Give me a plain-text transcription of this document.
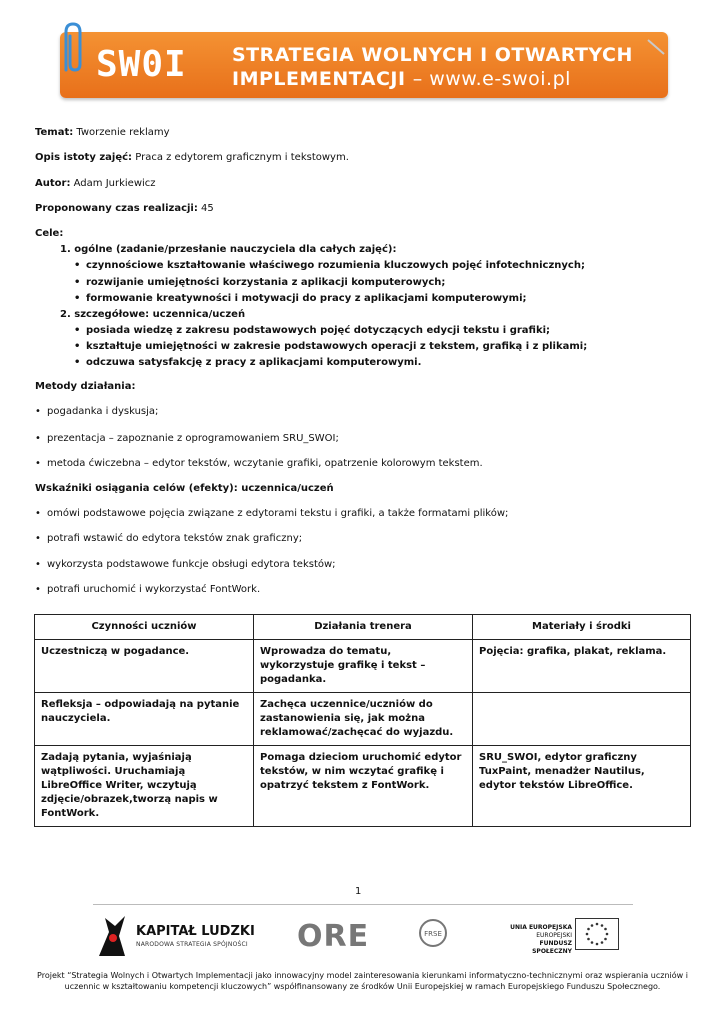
SW0I STRATEGIA WOLNYCH I OTWARTYCH
IMPLEMENTACJI – www.e-swoi.pl
Temat: Tworzenie reklamy
Opis istoty zajęć: Praca z edytorem graficznym i tekstowym.
Autor: Adam Jurkiewicz
Proponowany czas realizacji: 45
Cele:
1. ogólne (zadanie/przesłanie nauczyciela dla całych zajęć):
• czynnościowe kształtowanie właściwego rozumienia kluczowych pojęć infotechnicznych;
• rozwijanie umiejętności korzystania z aplikacji komputerowych;
• formowanie kreatywności i motywacji do pracy z aplikacjami komputerowymi;
2. szczegółowe: uczennica/uczeń
• posiada wiedzę z zakresu podstawowych pojęć dotyczących edycji tekstu i grafiki;
• kształtuje umiejętności w zakresie podstawowych operacji z tekstem, grafiką i z plikami;
• odczuwa satysfakcję z pracy z aplikacjami komputerowymi.
Metody działania:
• pogadanka i dyskusja;
• prezentacja – zapoznanie z oprogramowaniem SRU_SWOI;
• metoda ćwiczebna – edytor tekstów, wczytanie grafiki, opatrzenie kolorowym tekstem.
Wskaźniki osiągania celów (efekty): uczennica/uczeń
• omówi podstawowe pojęcia związane z edytorami tekstu i grafiki, a także formatami plików;
• potrafi wstawić do edytora tekstów znak graficzny;
• wykorzysta podstawowe funkcje obsługi edytora tekstów;
• potrafi uruchomić i wykorzystać FontWork.
Czynności uczniów	Działania trenera	Materiały i środki
Uczestniczą w pogadance.	Wprowadza do tematu, wykorzystuje grafikę i tekst – pogadanka.	Pojęcia: grafika, plakat, reklama.
Refleksja – odpowiadają na pytanie nauczyciela.	Zachęca uczennice/uczniów do zastanowienia się, jak można reklamować/zachęcać do wyjazdu.	
Zadają pytania, wyjaśniają wątpliwości. Uruchamiają LibreOffice Writer, wczytują zdjęcie/obrazek,tworzą napis w FontWork.	Pomaga dzieciom uruchomić edytor tekstów, w nim wczytać grafikę i opatrzyć tekstem z FontWork.	SRU_SWOI, edytor graficzny TuxPaint, menadżer Nautilus, edytor tekstów LibreOffice.
1
KAPITAŁ LUDZKI
NARODOWA STRATEGIA SPÓJNOŚCI ORE	FRSE
UNIA EUROPEJSKA
EUROPEJSKI
FUNDUSZ SPOŁECZNY
Projekt “Strategia Wolnych i Otwartych Implementacji jako innowacyjny model zainteresowania kierunkami informatyczno-technicznymi oraz wspierania uczniów i uczennic w kształtowaniu kompetencji kluczowych” współfinansowany ze środków Unii Europejskiej w ramach Europejskiego Funduszu Społecznego.
